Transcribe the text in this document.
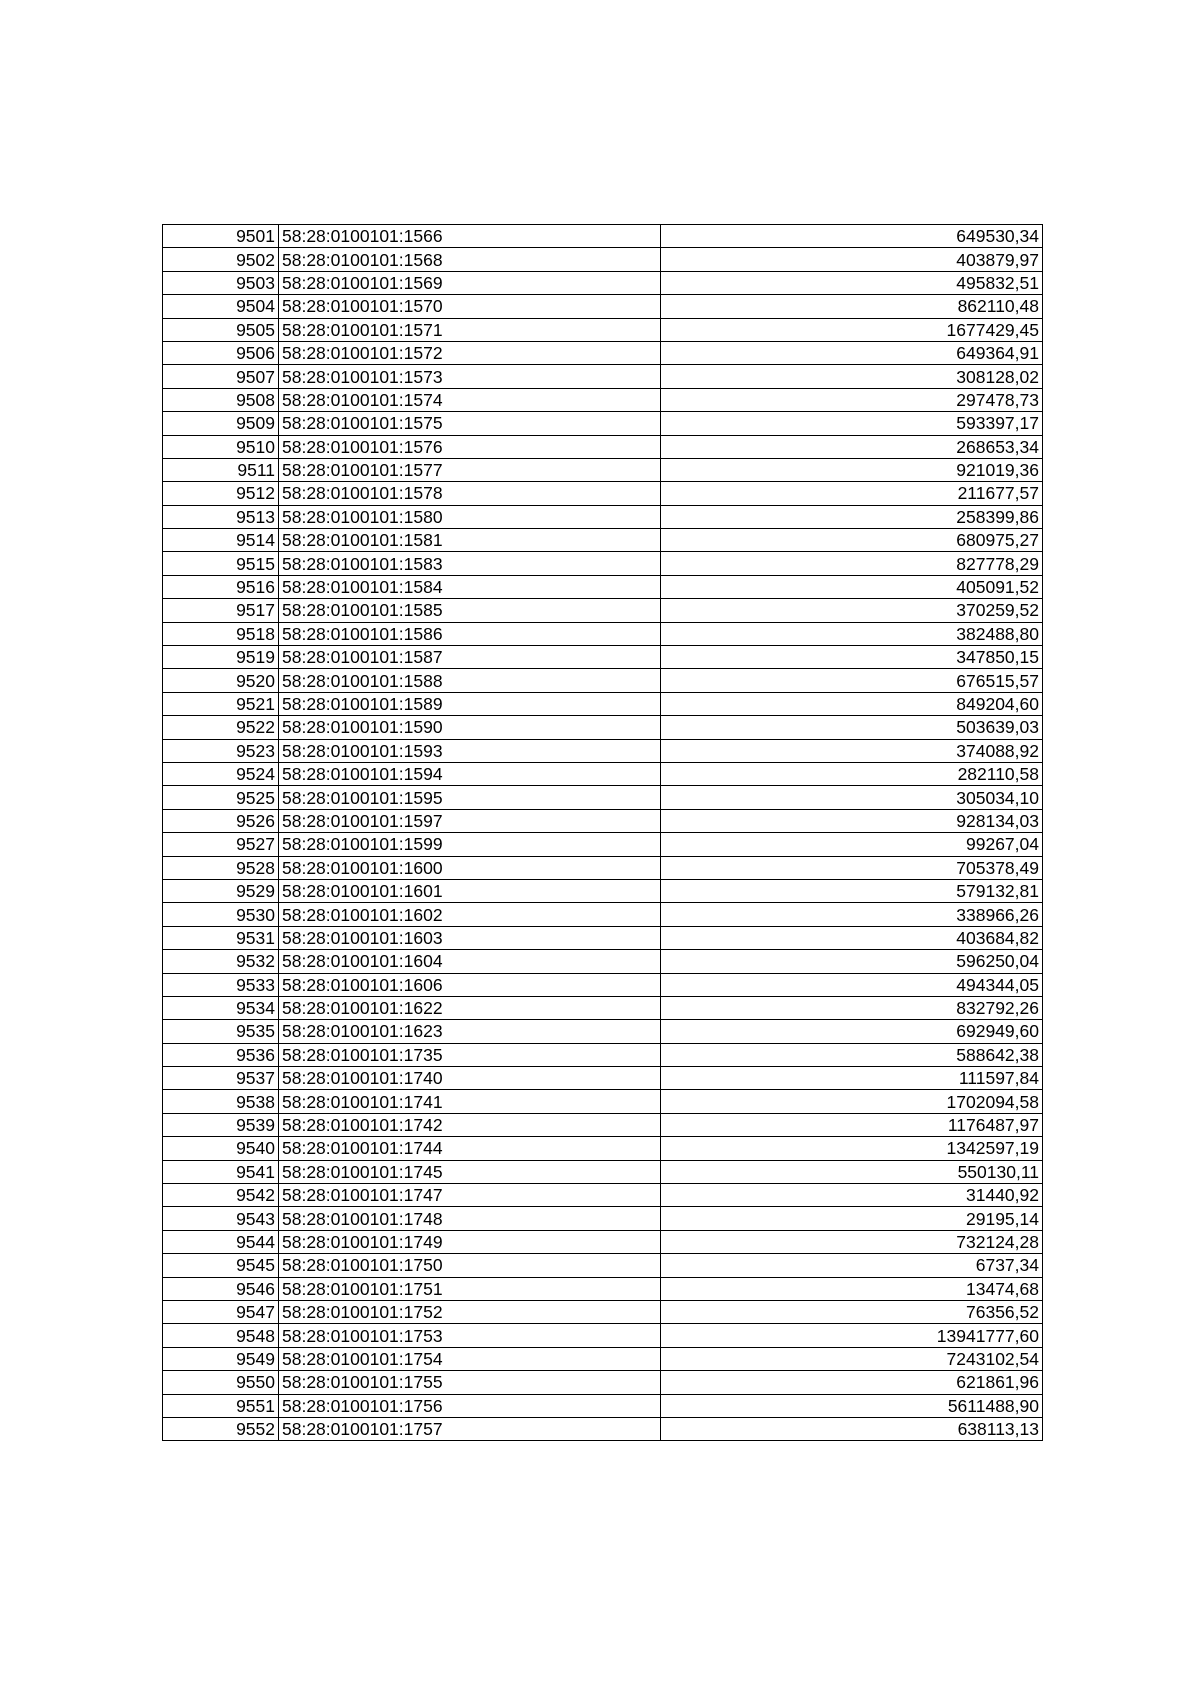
9501	58:28:0100101:1566	649530,34
9502	58:28:0100101:1568	403879,97
9503	58:28:0100101:1569	495832,51
9504	58:28:0100101:1570	862110,48
9505	58:28:0100101:1571	1677429,45
9506	58:28:0100101:1572	649364,91
9507	58:28:0100101:1573	308128,02
9508	58:28:0100101:1574	297478,73
9509	58:28:0100101:1575	593397,17
9510	58:28:0100101:1576	268653,34
9511	58:28:0100101:1577	921019,36
9512	58:28:0100101:1578	211677,57
9513	58:28:0100101:1580	258399,86
9514	58:28:0100101:1581	680975,27
9515	58:28:0100101:1583	827778,29
9516	58:28:0100101:1584	405091,52
9517	58:28:0100101:1585	370259,52
9518	58:28:0100101:1586	382488,80
9519	58:28:0100101:1587	347850,15
9520	58:28:0100101:1588	676515,57
9521	58:28:0100101:1589	849204,60
9522	58:28:0100101:1590	503639,03
9523	58:28:0100101:1593	374088,92
9524	58:28:0100101:1594	282110,58
9525	58:28:0100101:1595	305034,10
9526	58:28:0100101:1597	928134,03
9527	58:28:0100101:1599	99267,04
9528	58:28:0100101:1600	705378,49
9529	58:28:0100101:1601	579132,81
9530	58:28:0100101:1602	338966,26
9531	58:28:0100101:1603	403684,82
9532	58:28:0100101:1604	596250,04
9533	58:28:0100101:1606	494344,05
9534	58:28:0100101:1622	832792,26
9535	58:28:0100101:1623	692949,60
9536	58:28:0100101:1735	588642,38
9537	58:28:0100101:1740	111597,84
9538	58:28:0100101:1741	1702094,58
9539	58:28:0100101:1742	1176487,97
9540	58:28:0100101:1744	1342597,19
9541	58:28:0100101:1745	550130,11
9542	58:28:0100101:1747	31440,92
9543	58:28:0100101:1748	29195,14
9544	58:28:0100101:1749	732124,28
9545	58:28:0100101:1750	6737,34
9546	58:28:0100101:1751	13474,68
9547	58:28:0100101:1752	76356,52
9548	58:28:0100101:1753	13941777,60
9549	58:28:0100101:1754	7243102,54
9550	58:28:0100101:1755	621861,96
9551	58:28:0100101:1756	5611488,90
9552	58:28:0100101:1757	638113,13
